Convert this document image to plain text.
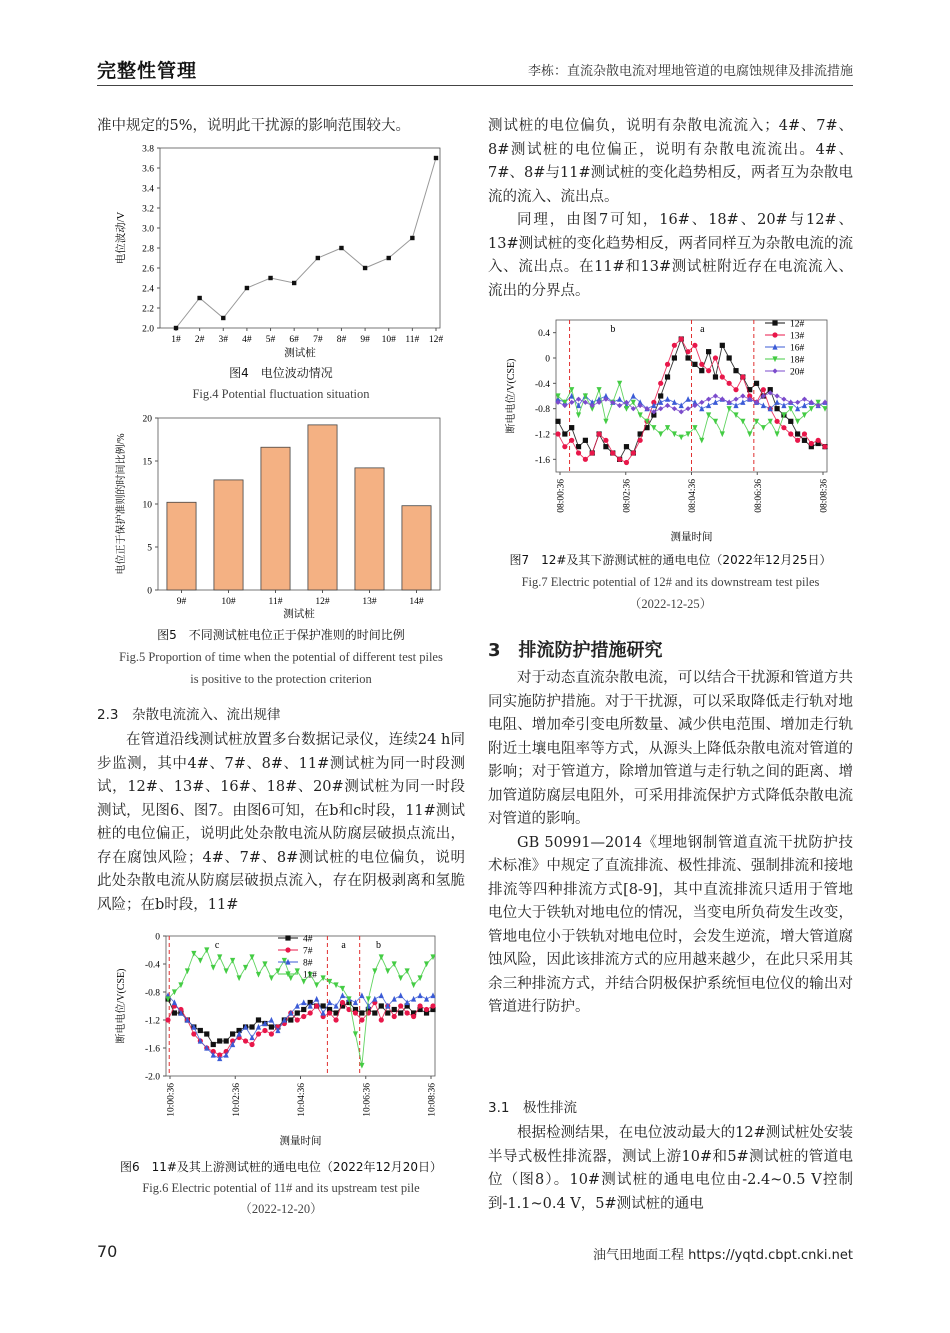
完整性管理	李栋：直流杂散电流对埋地管道的电腐蚀规律及排流措施

准中规定的5%，说明此干扰源的影响范围较大。

2.0
2.2
2.4
2.6
2.8
3.0
3.2
3.4
3.6
3.8
1# 2# 3# 4# 5# 6# 7# 8# 9# 10# 11# 12#
测试桩
电位波动/V
图4　电位波动情况
Fig.4 Potential fluctuation situation
0
5
10
15
20
9#	10#	11#	12#	13#	14#
测试桩
电位正于保护准则的时间比例/%
图5　不同测试桩电位正于保护准则的时间比例
Fig.5 Proportion of time when the potential of different test piles
is positive to the protection criterion
2.3　杂散电流流入、流出规律

在管道沿线测试桩放置多台数据记录仪，连续24 h同步监测，其中4#、7#、8#、11#测试桩为同一时段测试，12#、13#、16#、18#、20#测试桩为同一时段测试，见图6、图7。由图6可知，在b和c时段，11#测试桩的电位偏正，说明此处杂散电流从防腐层破损点流出，存在腐蚀风险；4#、7#、8#测试桩的电位偏负，说明此处杂散电流从防腐层破损点流入，存在阴极剥离和氢脆风险；在b时段，11#

0
-0.4
-0.8
-1.2
-1.6
-2.0
10:00:36	10:02:36	10:04:36	10:06:36	10:08:36
c	a	b
4#
7#
8#
11#
测量时间
断电电位/V(CSE)
图6　11#及其上游测试桩的通电电位（2022年12月20日）
Fig.6 Electric potential of 11# and its upstream test pile
（2022-12-20）

测试桩的电位偏负，说明有杂散电流流入；4#、7#、8#测试桩的电位偏正，说明有杂散电流流出。4#、7#、8#与11#测试桩的变化趋势相反，两者互为杂散电流的流入、流出点。

同理，由图7可知，16#、18#、20#与12#、13#测试桩的变化趋势相反，两者同样互为杂散电流的流入、流出点。在11#和13#测试桩附近存在电流流入、流出的分界点。

0.4
0
-0.4
-0.8
-1.2
-1.6
08:00:36	08:02:36	08:04:36	08:06:36	08:08:36
b	a	12#
13#
16#
18#
20#
测量时间
断电电位/V(CSE)
图7　12#及其下游测试桩的通电电位（2022年12月25日）
Fig.7 Electric potential of 12# and its downstream test piles
（2022-12-25）
3　排流防护措施研究

对于动态直流杂散电流，可以结合干扰源和管道方共同实施防护措施。对于干扰源，可以采取降低走行轨对地电阻、增加牵引变电所数量、减少供电范围、增加走行轨附近土壤电阻率等方式，从源头上降低杂散电流对管道的影响；对于管道方，除增加管道与走行轨之间的距离、增加管道防腐层电阻外，可采用排流保护方式降低杂散电流对管道的影响。

GB 50991—2014《埋地钢制管道直流干扰防护技术标准》中规定了直流排流、极性排流、强制排流和接地排流等四种排流方式[8-9]，其中直流排流只适用于管地电位大于铁轨对地电位的情况，当变电所负荷发生改变，管地电位小于铁轨对地电位时，会发生逆流，增大管道腐蚀风险，因此该排流方式的应用越来越少，在此只采用其余三种排流方式，并结合阴极保护系统恒电位仪的输出对管道进行防护。

3.1　极性排流

根据检测结果，在电位波动最大的12#测试桩处安装半导式极性排流器，测试上游10#和5#测试桩的管道电位（图8）。10#测试桩的通电电位由-2.4~0.5 V控制到-1.1~0.4 V，5#测试桩的通电

70	油气田地面工程 https://yqtd.cbpt.cnki.net
